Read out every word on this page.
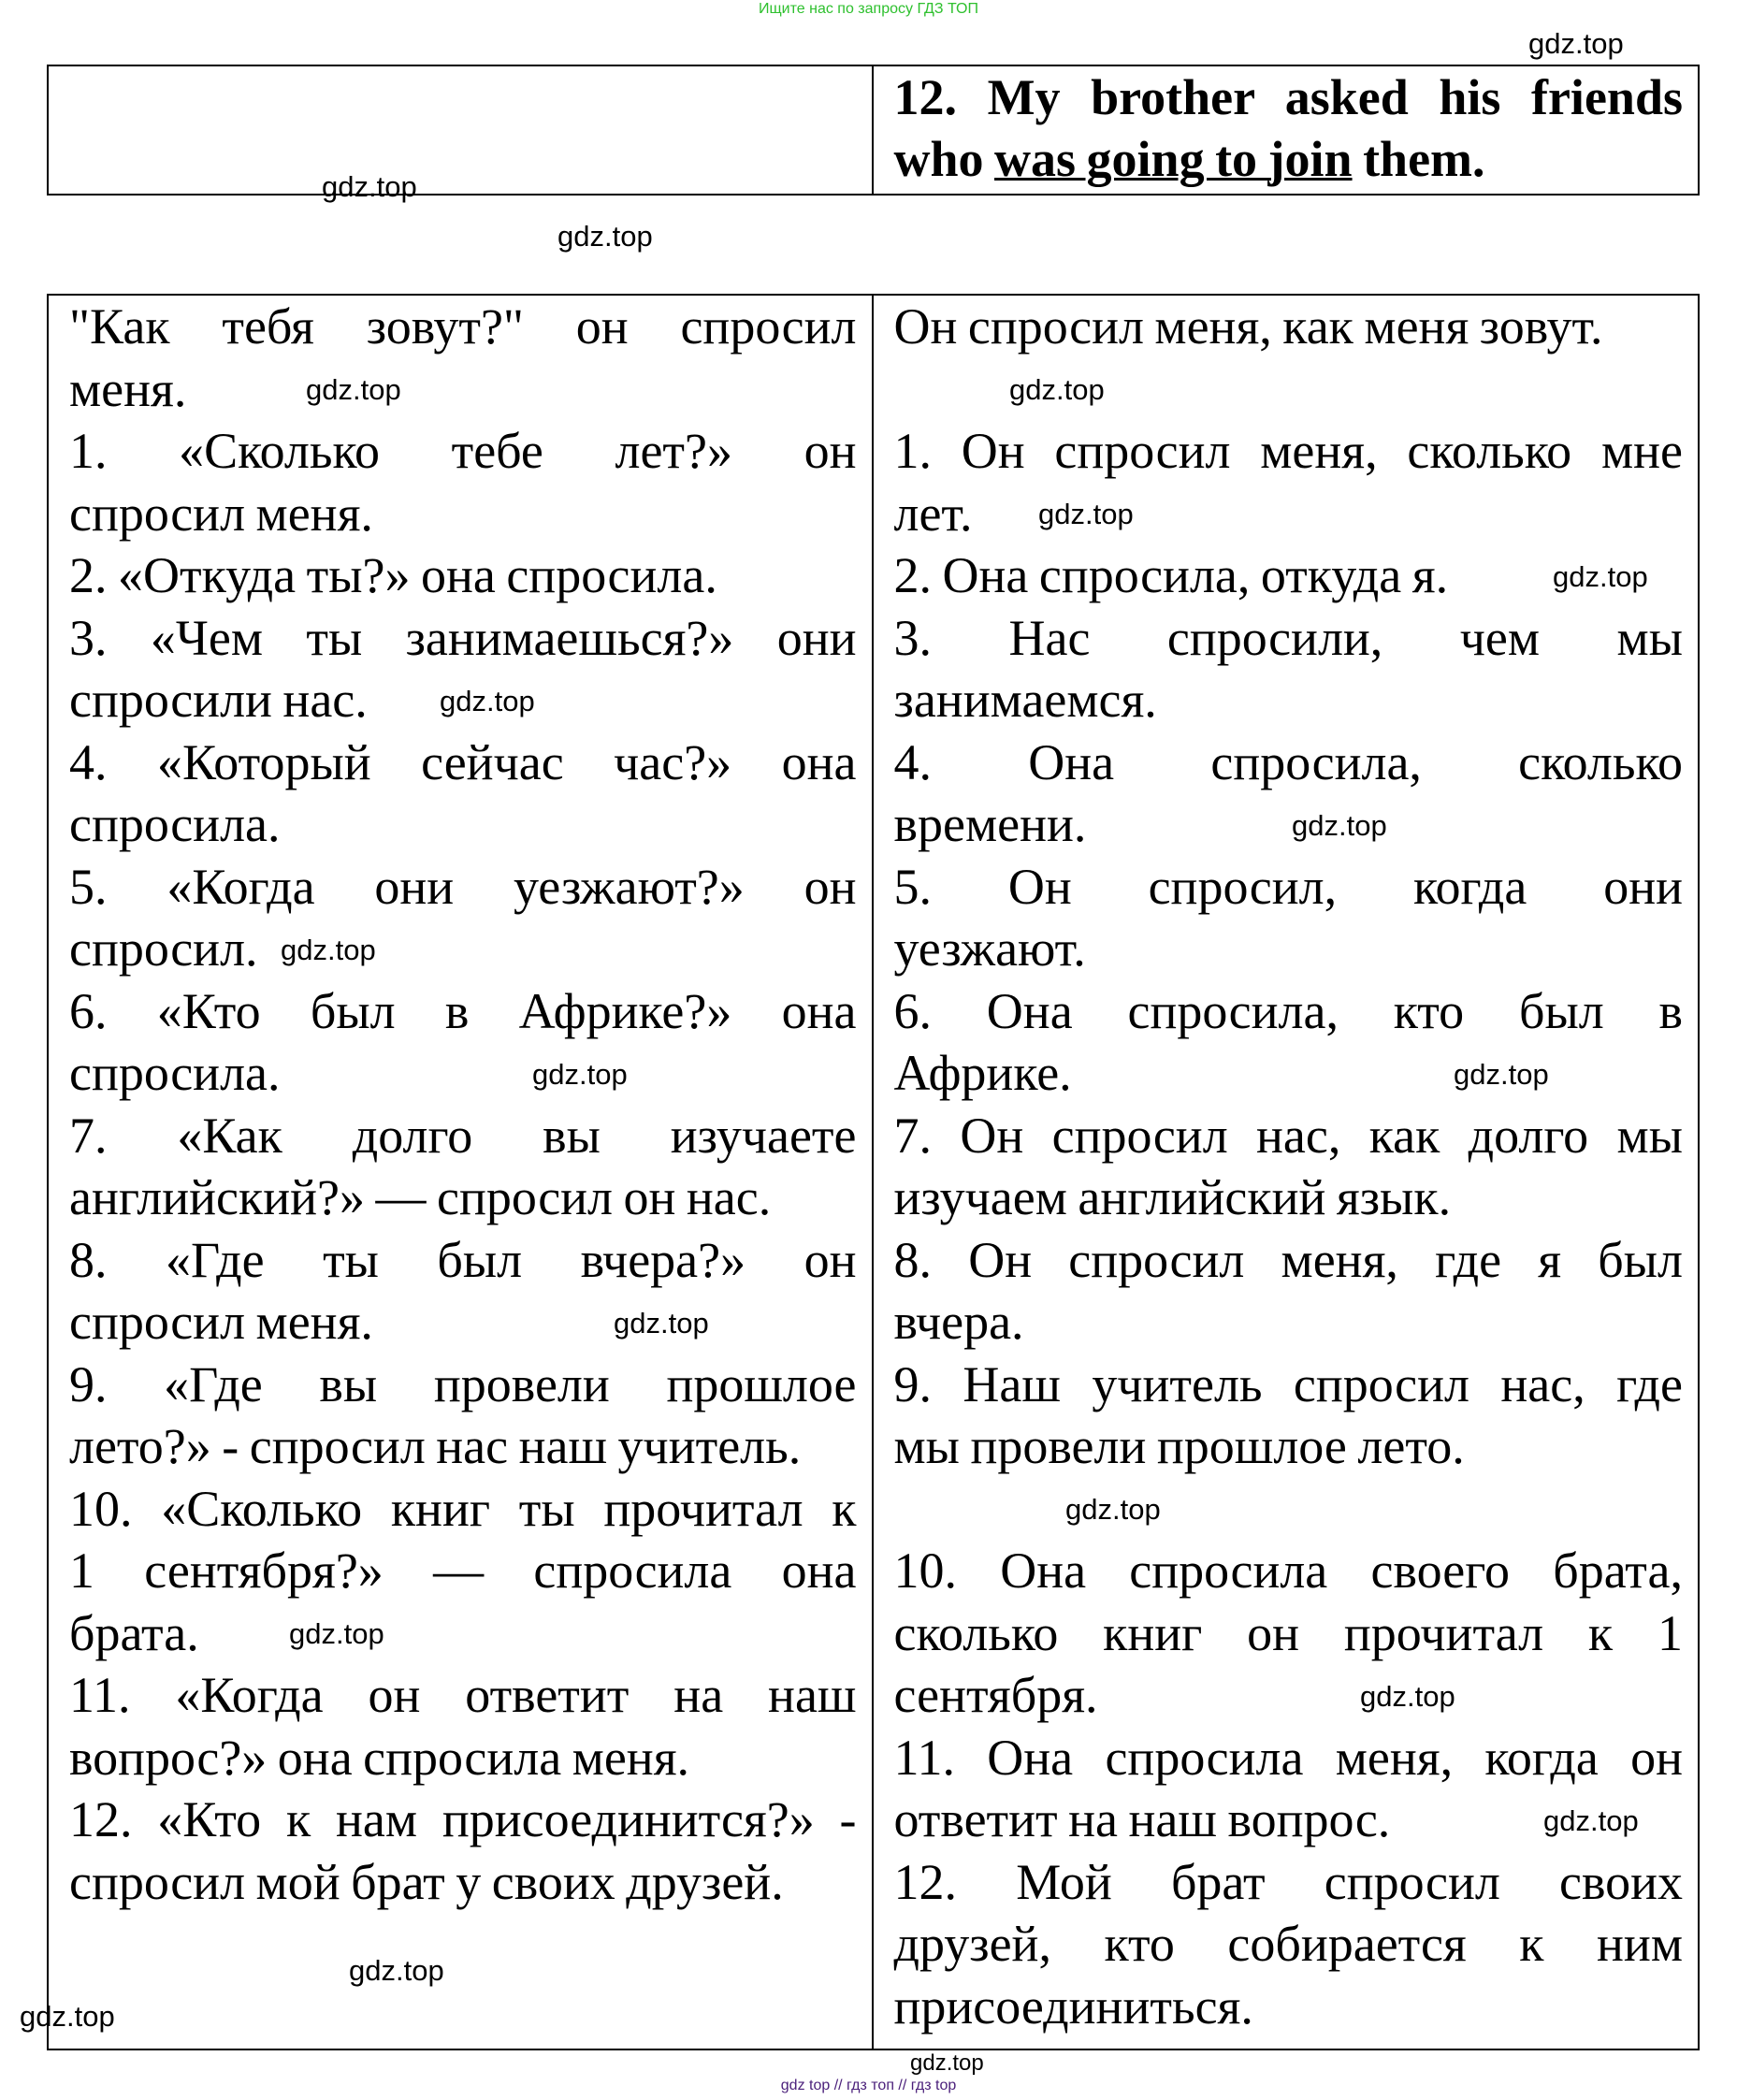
Ищите нас по запросу ГДЗ ТОП
12. My brother asked his friends
who was going to join them.
"Как тебя зовут?" он спросил
меня.
1. «Сколько тебе лет?» он
спросил меня.
2. «Откуда ты?» она спросила.
3. «Чем ты занимаешься?» они
спросили нас.
4. «Который сейчас час?» она
спросила.
5. «Когда они уезжают?» он
спросил.
6. «Кто был в Африке?» она
спросила.
7. «Как долго вы изучаете
английский?» — спросил он нас.
8. «Где ты был вчера?» он
спросил меня.
9. «Где вы провели прошлое
лето?» - спросил нас наш учитель.
10. «Сколько книг ты прочитал к
1 сентября?» — спросила она
брата.
11. «Когда он ответит на наш
вопрос?» она спросила меня.
12. «Кто к нам присоединится?» -
спросил мой брат у своих друзей.
Он спросил меня, как меня зовут.
1. Он спросил меня, сколько мне
лет.
2. Она спросила, откуда я.
3. Нас спросили, чем мы
занимаемся.
4. Она спросила, сколько
времени.
5. Он спросил, когда они
уезжают.
6. Она спросила, кто был в
Африке.
7. Он спросил нас, как долго мы
изучаем английский язык.
8. Он спросил меня, где я был
вчера.
9. Наш учитель спросил нас, где
мы провели прошлое лето.
10. Она спросила своего брата,
сколько книг он прочитал к 1
сентября.
11. Она спросила меня, когда он
ответит на наш вопрос.
12. Мой брат спросил своих
друзей, кто собирается к ним
присоединиться.
gdz.top
gdz.top
gdz.top
gdz.top
gdz.top
gdz.top
gdz.top
gdz.top
gdz.top
gdz.top
gdz.top
gdz.top
gdz.top
gdz.top
gdz.top
gdz.top
gdz.top
gdz.top
gdz.top
gdz.top
gdz top // гдз топ // гдз top
